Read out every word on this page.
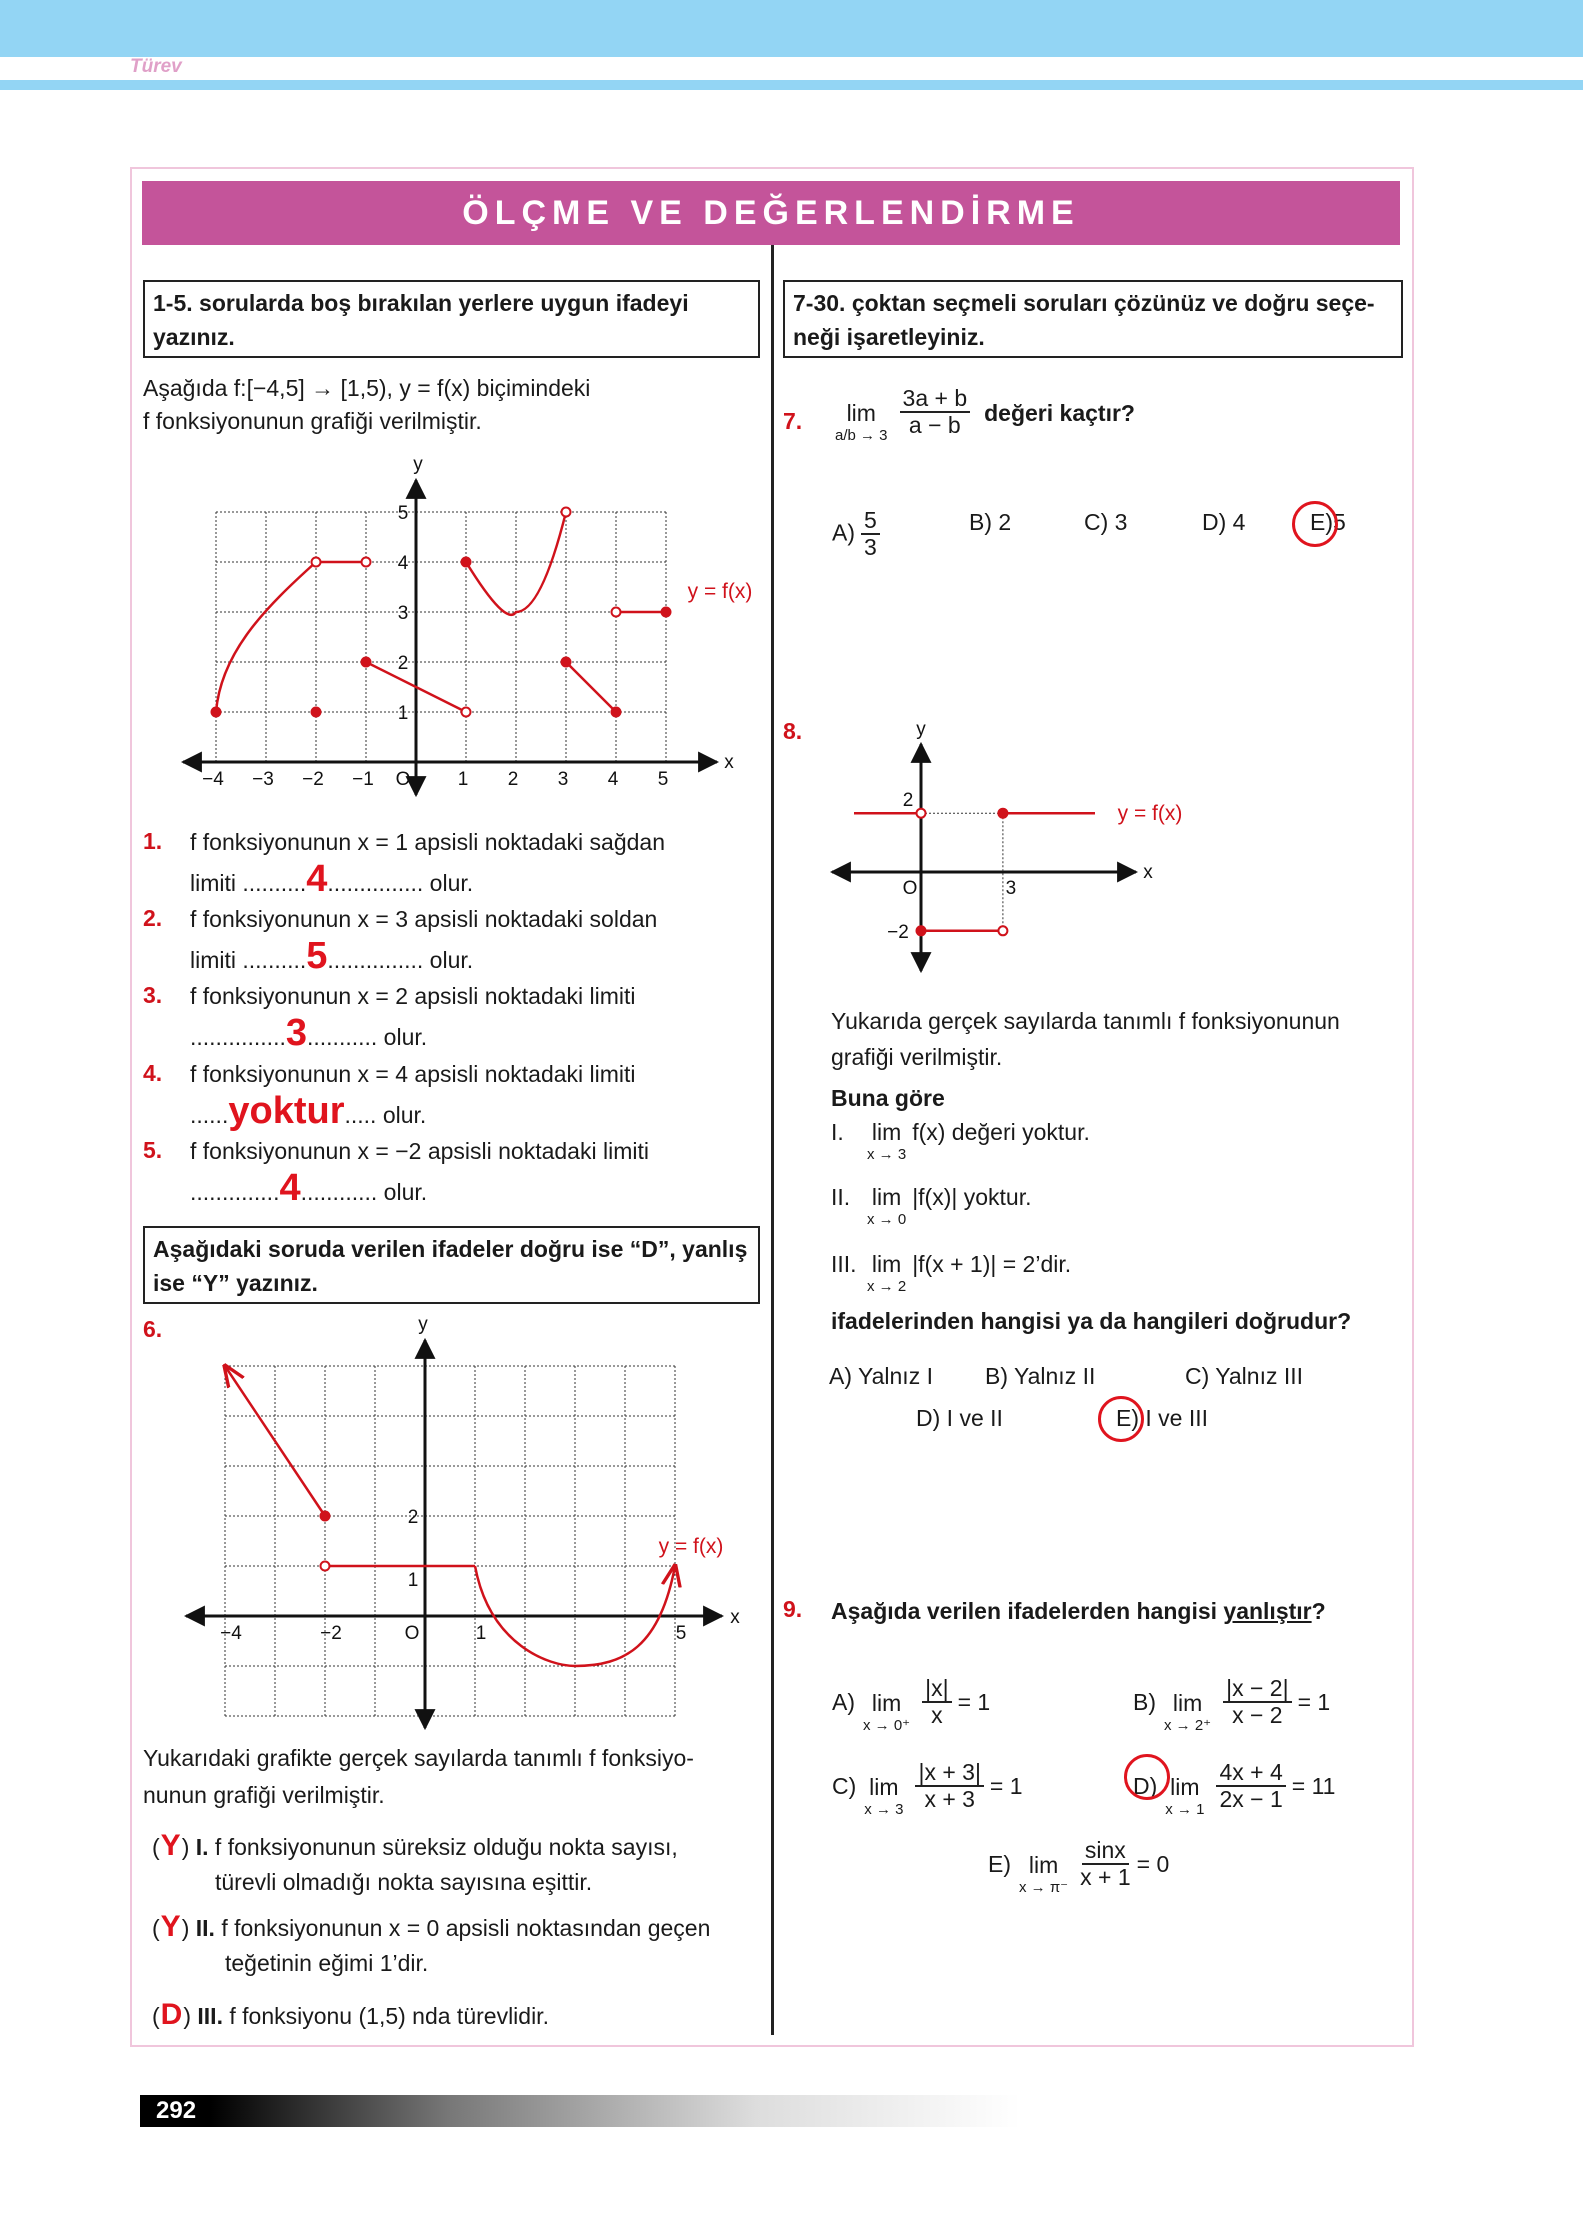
Türev
ÖLÇME VE DEĞERLENDİRME
1-5. sorularda boş bırakılan yerlere uygun ifadeyi yazınız.
Aşağıda f:[−4,5] → [1,5), y = f(x) biçimindeki
f fonksiyonunun grafiği verilmiştir.
−4 −3 −2 −1	1 2 3 4 5
1
2
3
4
5
O
y
x
y = f(x)
1. f fonksiyonunun x = 1 apsisli noktadaki sağdan
limiti ..........4............... olur.
2. f fonksiyonunun x = 3 apsisli noktadaki soldan
limiti ..........5............... olur.
3. f fonksiyonunun x = 2 apsisli noktadaki limiti
...............3........... olur.
4. f fonksiyonunun x = 4 apsisli noktadaki limiti
......yoktur..... olur.
5. f fonksiyonunun x = −2 apsisli noktadaki limiti
..............4............ olur.
Aşağıdaki soruda verilen ifadeler doğru ise “D”, yanlış ise “Y” yazınız.
6.
−4	−2	1	5
1
2
O
y
x
y = f(x)
Yukarıdaki grafikte gerçek sayılarda tanımlı f fonksiyo-
nunun grafiği verilmiştir.
(Y) I. f fonksiyonunun süreksiz olduğu nokta sayısı,
türevli olmadığı nokta sayısına eşittir.
(Y) II. f fonksiyonunun x = 0 apsisli noktasından geçen
teğetinin eğimi 1’dir.
(D) III. f fonksiyonu (1,5) nda türevlidir.
7-30. çoktan seçmeli soruları çözünüz ve doğru seçe- neği işaretleyiniz.
7. lim
$a/b \to 3 \frac{3a + b}{a - b}$ değeri kaçtır?
$A) \frac{5}{3}$	B) 2	C) 3	D) 4	E)5
8.
3
2
−2
O
y
x
y = f(x)
Yukarıda gerçek sayılarda tanımlı f fonksiyonunun
grafiği verilmiştir.
Buna göre
I.	lim
x → 3
f(x) değeri yoktur.
II. lim
x → 0
|f(x)| yoktur.
III. lim
x → 2
|f(x + 1)| = 2’dir.
ifadelerinden hangisi ya da hangileri doğrudur?
A) Yalnız I B) Yalnız II	C) Yalnız III
D) I ve II	E) I ve III
9. Aşağıda verilen ifadelerden hangisi yanlıştır?
A) lim
$x \to 0^+ \frac{|x|}{x} = 1$	B) lim
$x \to 2^+ \frac{|x - 2|}{x - 2} = 1$
C) lim
$x \to 3 \frac{|x + 3|}{x + 3} = 1$	D) lim
$x \to 1 \frac{4x + 4}{2x - 1} = 11$
E) lim
$x \to \pi^- \frac{\sin x}{x + 1} = 0$
292
